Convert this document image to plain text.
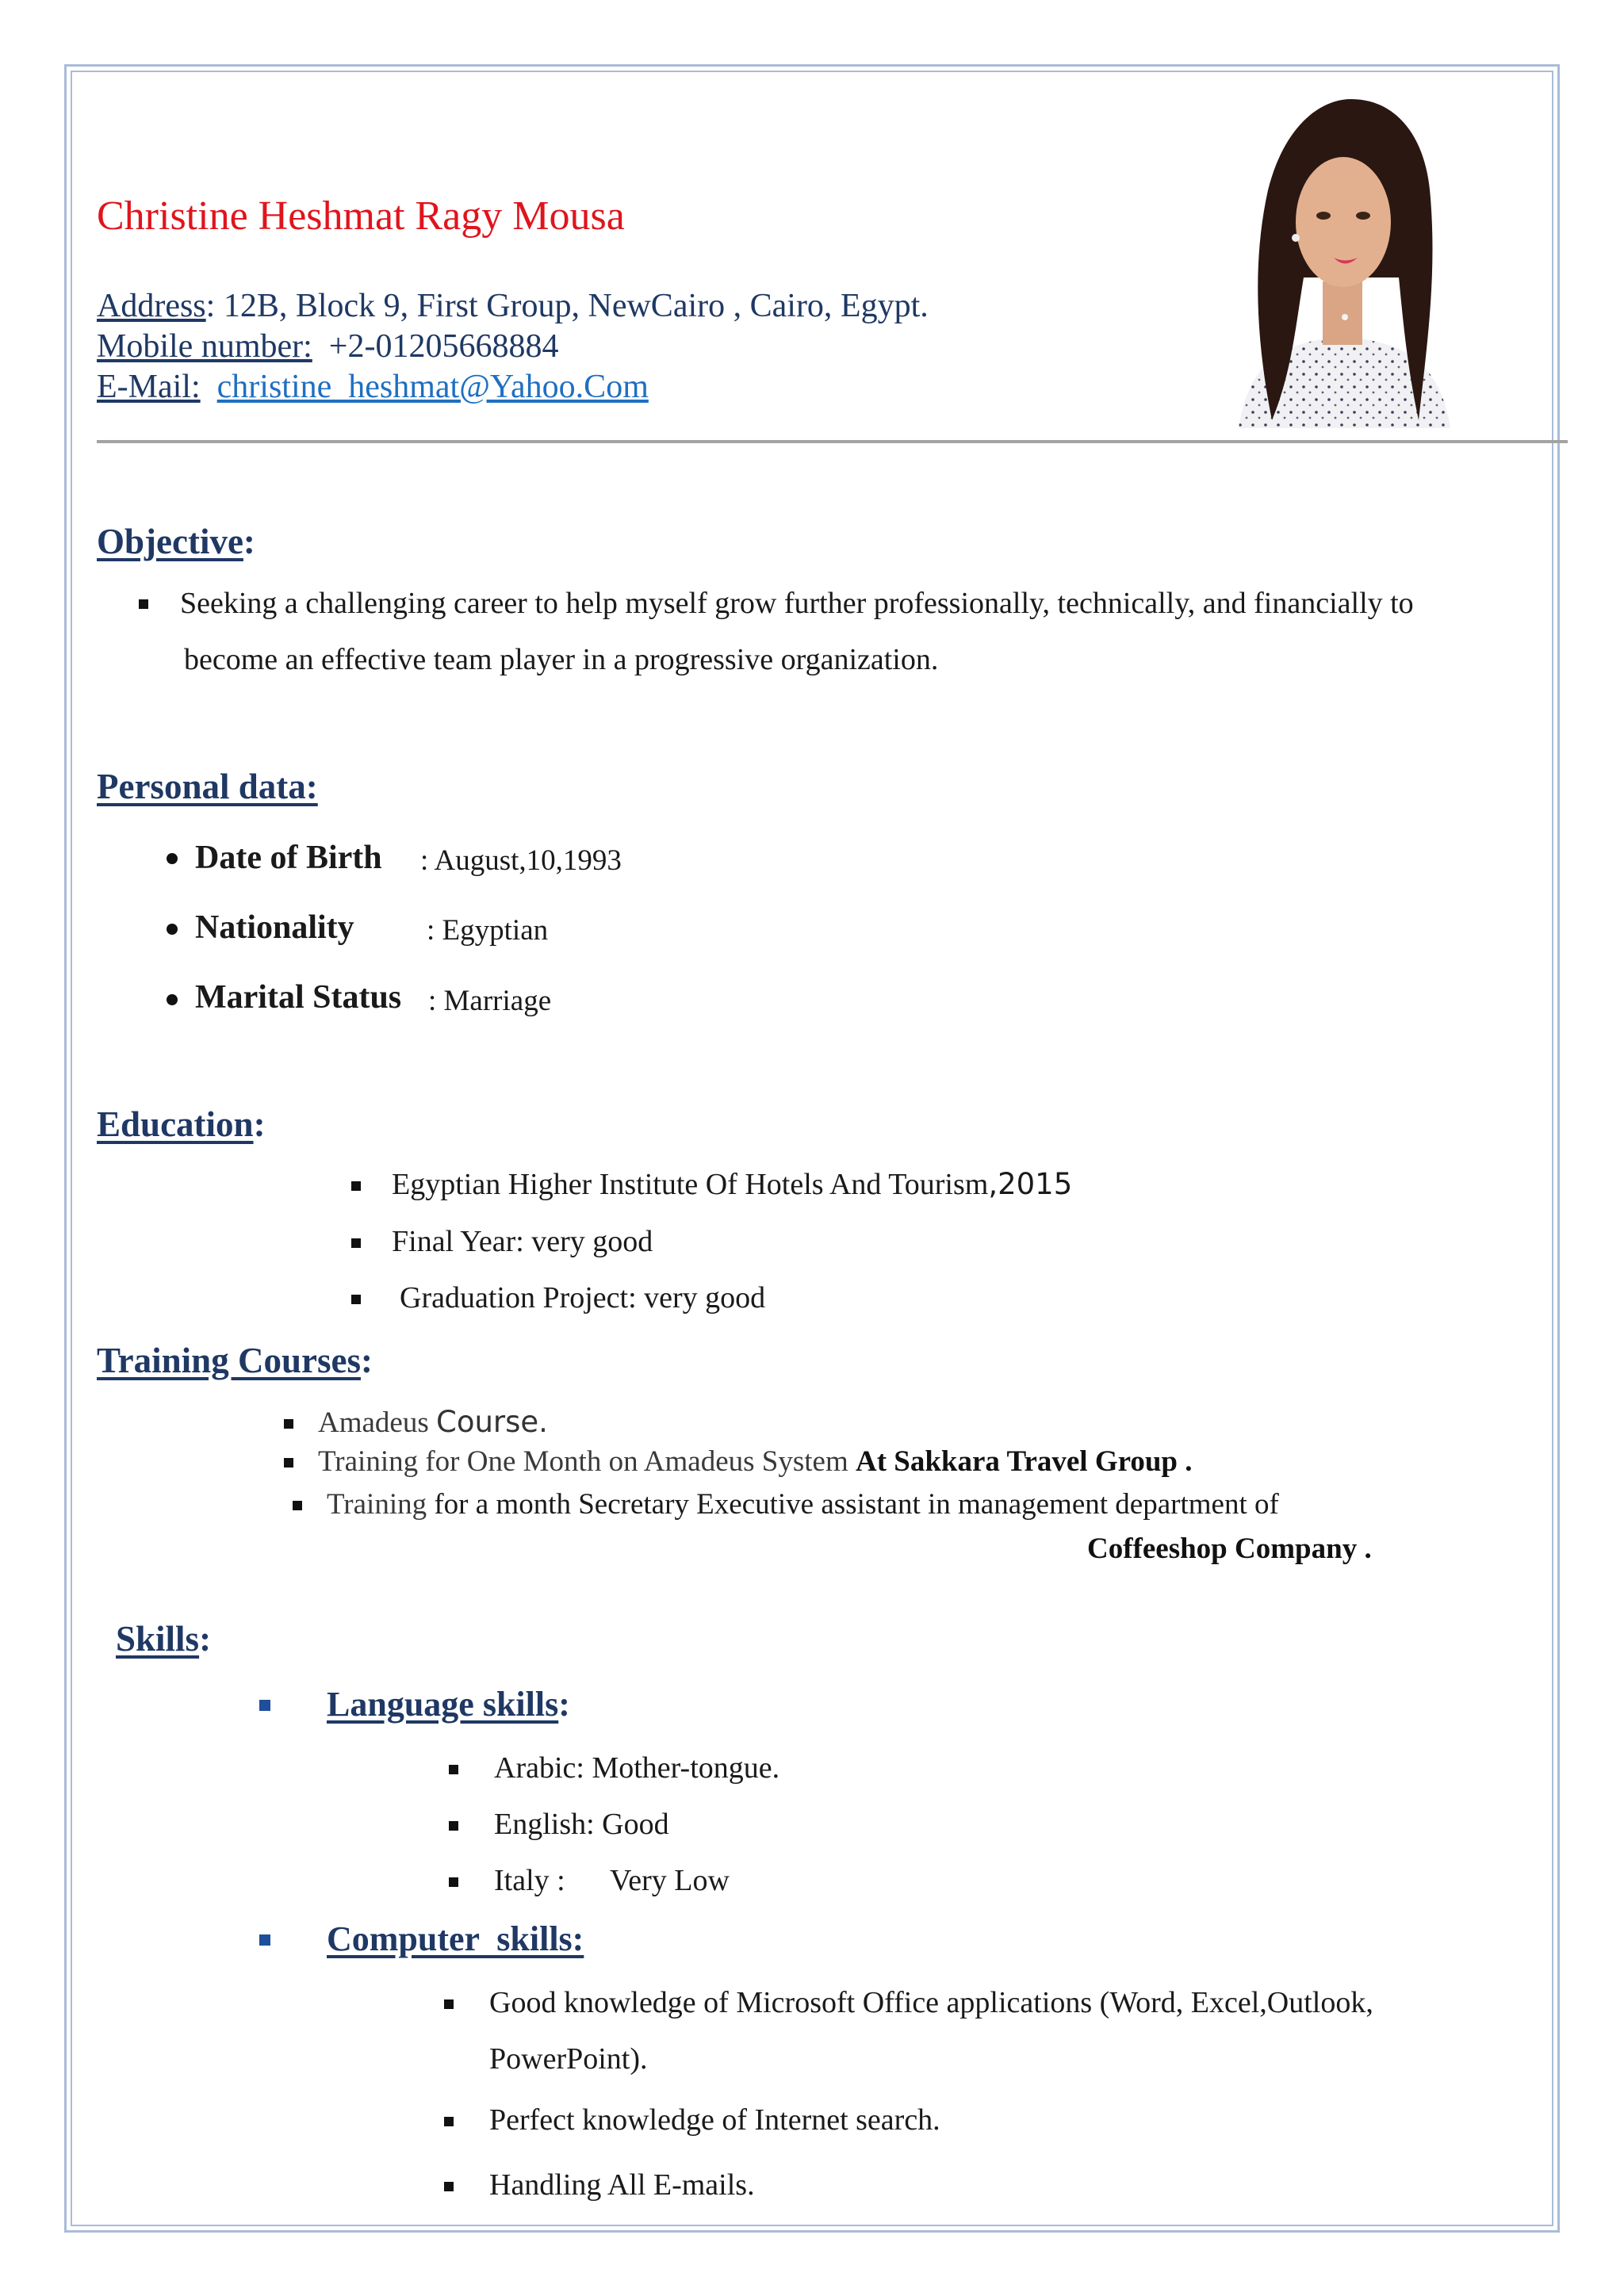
Christine Heshmat Ragy Mousa
Address: 12B, Block 9, First Group, NewCairo , Cairo, Egypt.
Mobile number: +2-01205668884
E-Mail: christine_heshmat@Yahoo.Com
Objective:
Seeking a challenging career to help myself grow further professionally, technically, and financially to
become an effective team player in a progressive organization.
Personal data:
Date of Birth : August,10,1993
Nationality : Egyptian
Marital Status : Marriage
Education:
Egyptian Higher Institute Of Hotels And Tourism,2015
Final Year: very good
Graduation Project: very good
Training Courses:
Amadeus Course.
Training for One Month on Amadeus System At Sakkara Travel Group .
Training for a month Secretary Executive assistant in management department of
Coffeeshop Company .
Skills:
Language skills:
Arabic: Mother-tongue.
English: Good
Italy :      Very Low
Computer  skills:
Good knowledge of Microsoft Office applications (Word, Excel,Outlook,
PowerPoint).
Perfect knowledge of Internet search.
Handling All E-mails.
